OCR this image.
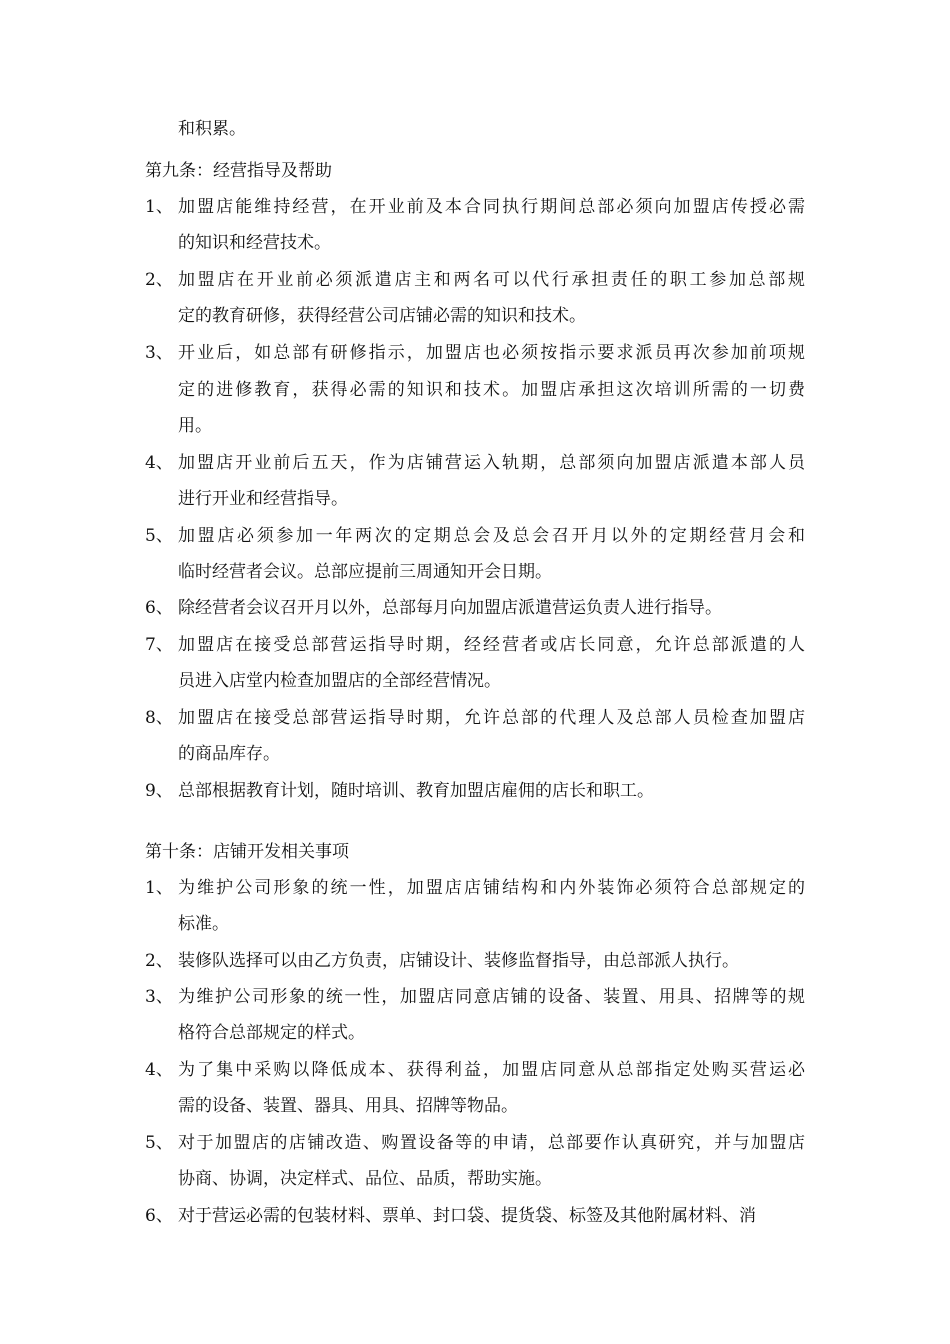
和积累。
第九条：经营指导及帮助
1、 加盟店能维持经营，在开业前及本合同执行期间总部必须向加盟店传授必需
的知识和经营技术。
2、 加盟店在开业前必须派遣店主和两名可以代行承担责任的职工参加总部规
定的教育研修，获得经营公司店铺必需的知识和技术。
3、 开业后，如总部有研修指示，加盟店也必须按指示要求派员再次参加前项规
定的进修教育，获得必需的知识和技术。加盟店承担这次培训所需的一切费
用。
4、 加盟店开业前后五天，作为店铺营运入轨期，总部须向加盟店派遣本部人员
进行开业和经营指导。
5、 加盟店必须参加一年两次的定期总会及总会召开月以外的定期经营月会和
临时经营者会议。总部应提前三周通知开会日期。
6、 除经营者会议召开月以外，总部每月向加盟店派遣营运负责人进行指导。
7、 加盟店在接受总部营运指导时期，经经营者或店长同意，允许总部派遣的人
员进入店堂内检查加盟店的全部经营情况。
8、 加盟店在接受总部营运指导时期，允许总部的代理人及总部人员检查加盟店
的商品库存。
9、 总部根据教育计划，随时培训、教育加盟店雇佣的店长和职工。
第十条：店铺开发相关事项
1、 为维护公司形象的统一性，加盟店店铺结构和内外装饰必须符合总部规定的
标准。
2、 装修队选择可以由乙方负责，店铺设计、装修监督指导，由总部派人执行。
3、 为维护公司形象的统一性，加盟店同意店铺的设备、装置、用具、招牌等的规
格符合总部规定的样式。
4、 为了集中采购以降低成本、获得利益，加盟店同意从总部指定处购买营运必
需的设备、装置、器具、用具、招牌等物品。
5、 对于加盟店的店铺改造、购置设备等的申请，总部要作认真研究，并与加盟店
协商、协调，决定样式、品位、品质，帮助实施。
6、 对于营运必需的包装材料、票单、封口袋、提货袋、标签及其他附属材料、消
